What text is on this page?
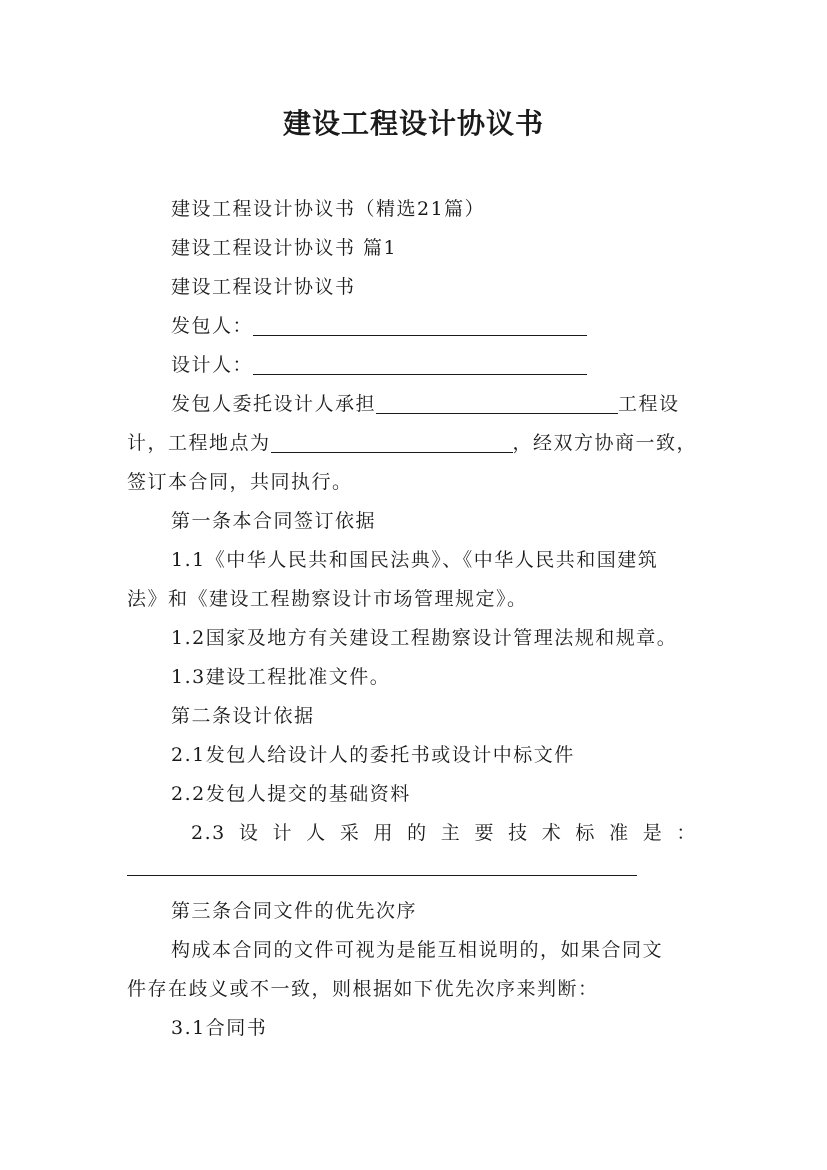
建设工程设计协议书
建设工程设计协议书（精选21篇）
建设工程设计协议书 篇1
建设工程设计协议书
发包人：
设计人：
发包人委托设计人承担	工程设
计，工程地点为	，经双方协商一致，
签订本合同，共同执行。
第一条本合同签订依据
1.1《中华人民共和国民法典》、《中华人民共和国建筑
法》和《建设工程勘察设计市场管理规定》。
1.2国家及地方有关建设工程勘察设计管理法规和规章。
1.3建设工程批准文件。
第二条设计依据
2.1发包人给设计人的委托书或设计中标文件
2.2发包人提交的基础资料
2.3 设 计 人 采 用 的 主 要 技 术 标 准 是 ：
第三条合同文件的优先次序
构成本合同的文件可视为是能互相说明的，如果合同文
件存在歧义或不一致，则根据如下优先次序来判断：
3.1合同书
